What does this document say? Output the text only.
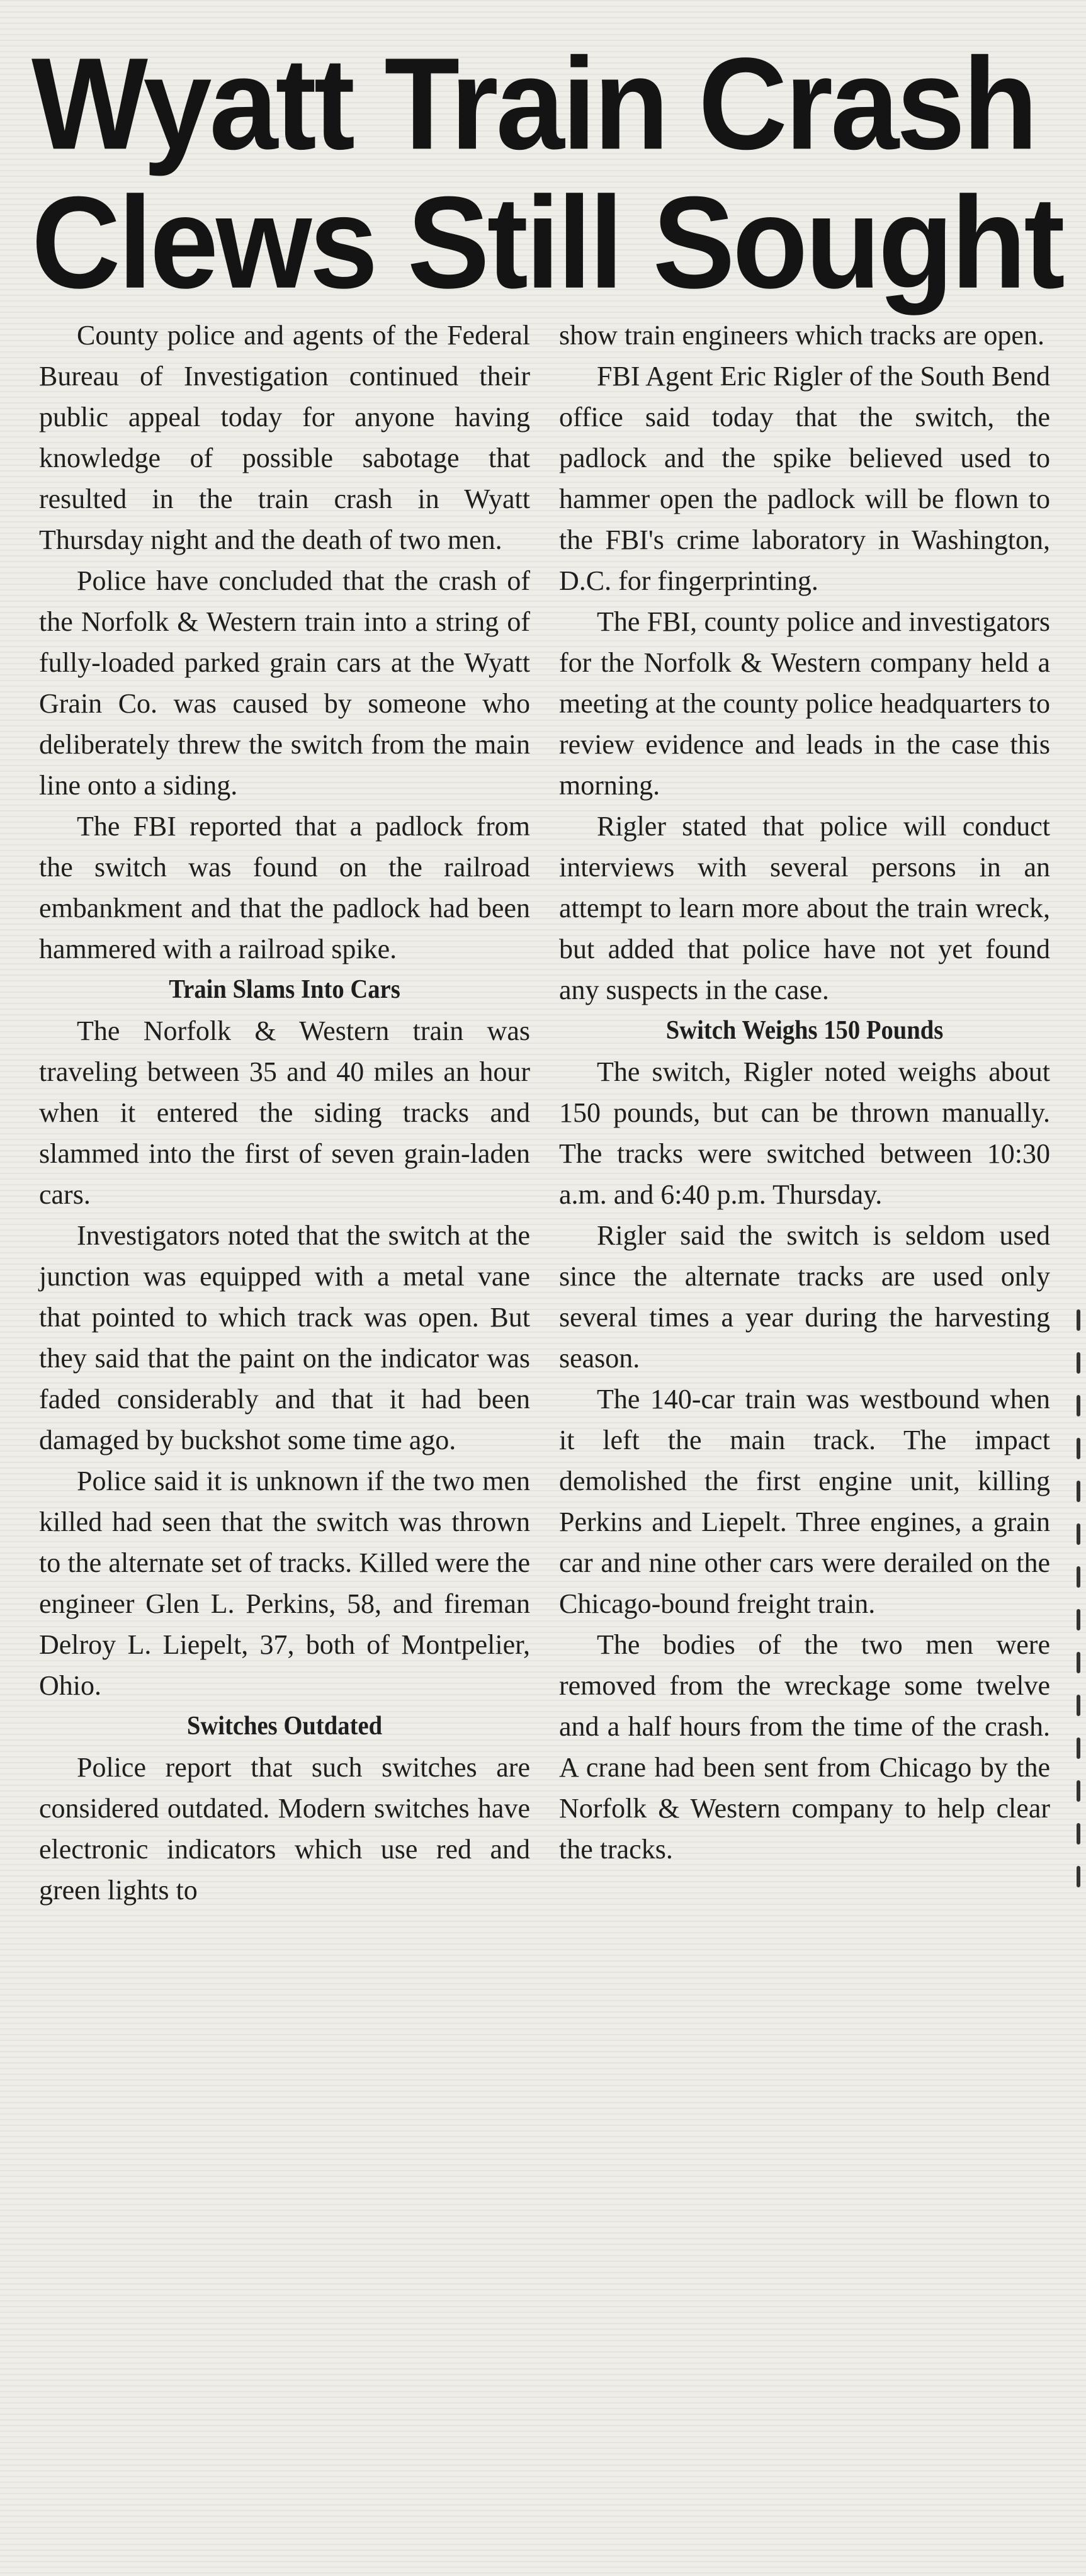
Wyatt Train Crash
Clews Still Sought

County police and agents of the Federal Bureau of Investigation continued their public appeal today for anyone having knowledge of possible sabotage that resulted in the train crash in Wyatt Thursday night and the death of two men.

Police have concluded that the crash of the Norfolk & Western train into a string of fully-loaded parked grain cars at the Wyatt Grain Co. was caused by someone who deliberately threw the switch from the main line onto a siding.

The FBI reported that a padlock from the switch was found on the railroad embankment and that the padlock had been hammered with a railroad spike.

Train Slams Into Cars

The Norfolk & Western train was traveling between 35 and 40 miles an hour when it entered the siding tracks and slammed into the first of seven grain-laden cars.

Investigators noted that the switch at the junction was equipped with a metal vane that pointed to which track was open. But they said that the paint on the indicator was faded considerably and that it had been damaged by buckshot some time ago.

Police said it is unknown if the two men killed had seen that the switch was thrown to the alternate set of tracks. Killed were the engineer Glen L. Perkins, 58, and fireman Delroy L. Liepelt, 37, both of Montpelier, Ohio.

Switches Outdated

Police report that such switches are considered outdated. Modern switches have electronic indicators which use red and green lights to

show train engineers which tracks are open.

FBI Agent Eric Rigler of the South Bend office said today that the switch, the padlock and the spike believed used to hammer open the padlock will be flown to the FBI's crime laboratory in Washington, D.C. for fingerprinting.

The FBI, county police and investigators for the Norfolk & Western company held a meeting at the county police headquarters to review evidence and leads in the case this morning.

Rigler stated that police will conduct interviews with several persons in an attempt to learn more about the train wreck, but added that police have not yet found any suspects in the case.

Switch Weighs 150 Pounds

The switch, Rigler noted weighs about 150 pounds, but can be thrown manually. The tracks were switched between 10:30 a.m. and 6:40 p.m. Thursday.

Rigler said the switch is seldom used since the alternate tracks are used only several times a year during the harvesting season.

The 140-car train was westbound when it left the main track. The impact demolished the first engine unit, killing Perkins and Liepelt. Three engines, a grain car and nine other cars were derailed on the Chicago-bound freight train.

The bodies of the two men were removed from the wreckage some twelve and a half hours from the time of the crash. A crane had been sent from Chicago by the Norfolk & Western company to help clear the tracks.
